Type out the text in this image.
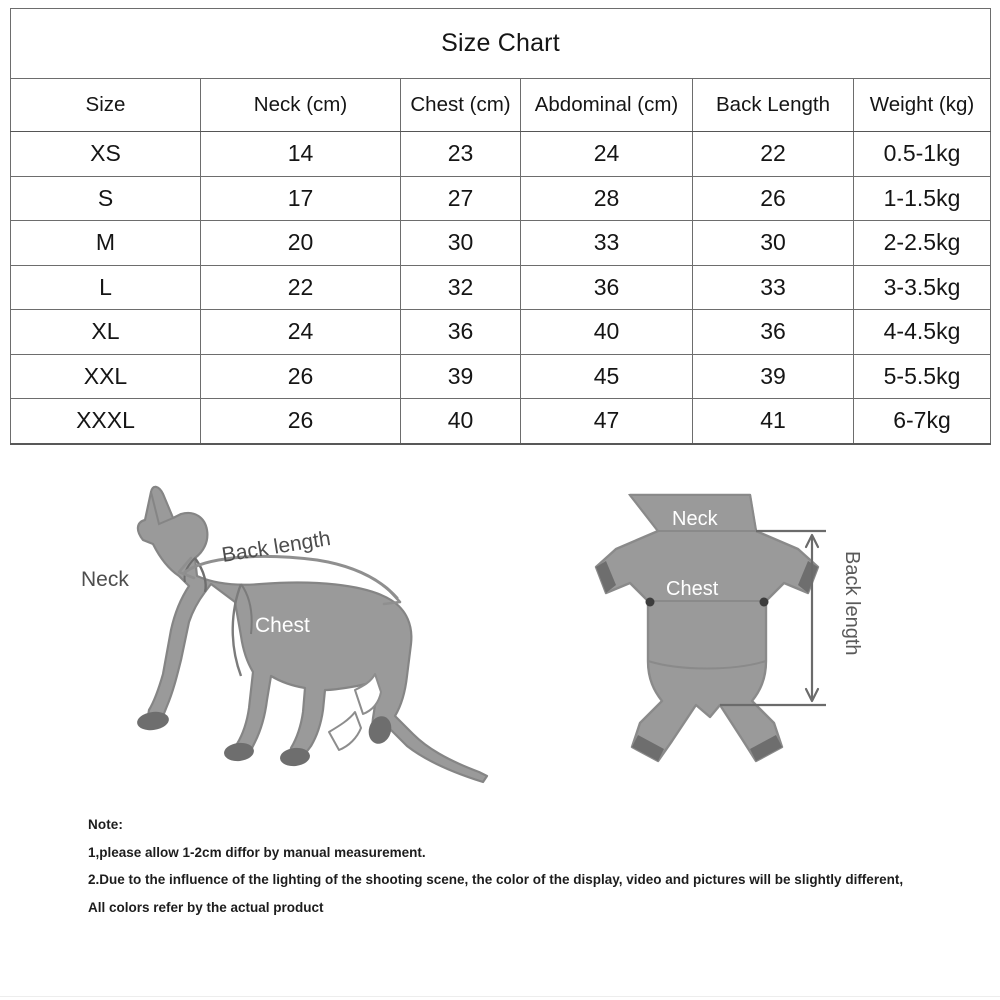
Size Chart					
Size	Neck (cm)	Chest (cm)	Abdominal (cm)	Back Length	Weight (kg)
XS	14	23	24	22	0.5-1kg
S	17	27	28	26	1-1.5kg
M	20	30	33	30	2-2.5kg
L	22	32	36	33	3-3.5kg
XL	24	36	40	36	4-4.5kg
XXL	26	39	45	39	5-5.5kg
XXXL	26	40	47	41	6-7kg
Neck
Chest
Back length
Neck
Chest	Back length
Note:
1,please allow 1-2cm diffor by manual measurement.
2.Due to the influence of the lighting of the shooting scene, the color of the display, video and pictures will be slightly different,
All colors refer by the actual product
